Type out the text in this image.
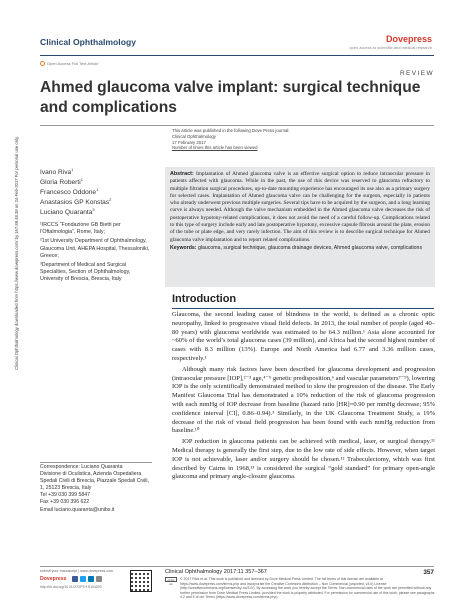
Clinical Ophthalmology downloaded from https://www.dovepress.com/ by 167.89.48.38 on 24-Feb-2017 For personal use only.
Clinical Ophthalmology	Dovepress
open access to scientific and medical research
Open Access Full Text Article
REVIEW
Ahmed glaucoma valve implant: surgical technique and complications
This article was published in the following Dove Press journal:
Clinical Ophthalmology
17 February 2017
Number of times this article has been viewed
Ivano Riva$^1$
Gloria Roberti$^1$
Francesco Oddone$^1$
Anastasios GP Konstas$^2$
Luciano Quaranta$^3$

¹IRCCS “Fondazione GB Bietti per l’Oftalmologia”, Rome, Italy;

²1st University Department of Ophthalmology, Glaucoma Unit, AHEPA Hospital, Thessaloniki, Greece;

³Department of Medical and Surgical Specialties, Section of Ophthalmology, University of Brescia, Brescia, Italy

Abstract: Implantation of Ahmed glaucoma valve is an effective surgical option to reduce intraocular pressure in patients affected with glaucoma. While in the past, the use of this device was reserved to glaucoma refractory to multiple filtration surgical procedures, up-to-date mounting experience has encouraged its use also as a primary surgery for selected cases. Implantation of Ahmed glaucoma valve can be challenging for the surgeon, especially in patients who already underwent previous multiple surgeries. Several tips have to be acquired by the surgeon, and a long learning curve is always needed. Although the valve mechanism embedded in the Ahmed glaucoma valve decreases the risk of postoperative hypotony-related complications, it does not avoid the need of a careful follow-up. Complications related to this type of surgery include early and late postoperative hypotony, excessive capsule fibrosis around the plate, erosion of the tube or plate edge, and very rarely infection. The aim of this review is to describe surgical technique for Ahmed glaucoma valve implantation and to report related complications.

Keywords: glaucoma, surgical technique, glaucoma drainage devices, Ahmed glaucoma valve, complications

Introduction

Glaucoma, the second leading cause of blindness in the world, is defined as a chronic optic neuropathy, linked to progressive visual field defects. In 2013, the total number of people (aged 40–80 years) with glaucoma worldwide was estimated to be 64.3 million.¹ Asia alone accounted for ~60% of the world’s total glaucoma cases (39 million), and Africa had the second highest number of cases with 8.3 million (13%). Europe and North America had 6.77 and 3.36 million cases, respectively.¹

Although many risk factors have been described for glaucoma development and progression (intraocular pressure [IOP],²⁻³ age,⁴⁻⁵ genetic predisposition,⁶ and vascular parameters⁷⁻⁹), lowering IOP is the only scientifically demonstrated method to slow the progression of the disease. The Early Manifest Glaucoma Trial has demonstrated a 10% reduction of the risk of glaucoma progression with each mmHg of IOP decrease from baseline (hazard ratio [HR]=0.90 per mmHg decrease; 95% confidence interval [CI], 0.86–0.94).³ Similarly, in the UK Glaucoma Treatment Study, a 19% decrease of the risk of visual field progression has been found with each mmHg reduction from baseline.¹⁰

IOP reduction in glaucoma patients can be achieved with medical, laser, or surgical therapy.¹¹ Medical therapy is generally the first step, due to the low rate of side effects. However, when target IOP is not achievable, laser and/or surgery should be chosen.¹² Trabeculectomy, which was first described by Cairns in 1968,¹³ is considered the surgical “gold standard” for primary open-angle glaucoma and primary angle-closure glaucoma.

Correspondence: Luciano Quaranta
Divisione di Oculistica, Azienda Ospedaliera Spedali Civili di Brescia, Piazzale Spedali Civili, 1, 25123 Brescia, Italy
Tel +39 030 399 5847
Fax +39 030 396 622
Email luciano.quaranta@unibs.it
submit your manuscript | www.dovepress.com
Dovepress
http://dx.doi.org/10.2147/OPTH.S104293
Clinical Ophthalmology 2017:11 357–367
cc by nc

© 2017 Riva et al. This work is published and licensed by Dove Medical Press Limited. The full terms of this license are available at https://www.dovepress.com/terms.php and incorporate the Creative Commons Attribution – Non Commercial (unported, v3.0) License (http://creativecommons.org/licenses/by-nc/3.0/). By accessing the work you hereby accept the Terms. Non-commercial uses of the work are permitted without any further permission from Dove Medical Press Limited, provided the work is properly attributed. For permission for commercial use of this work, please see paragraphs 4.2 and 5 of our Terms (https://www.dovepress.com/terms.php).

357
